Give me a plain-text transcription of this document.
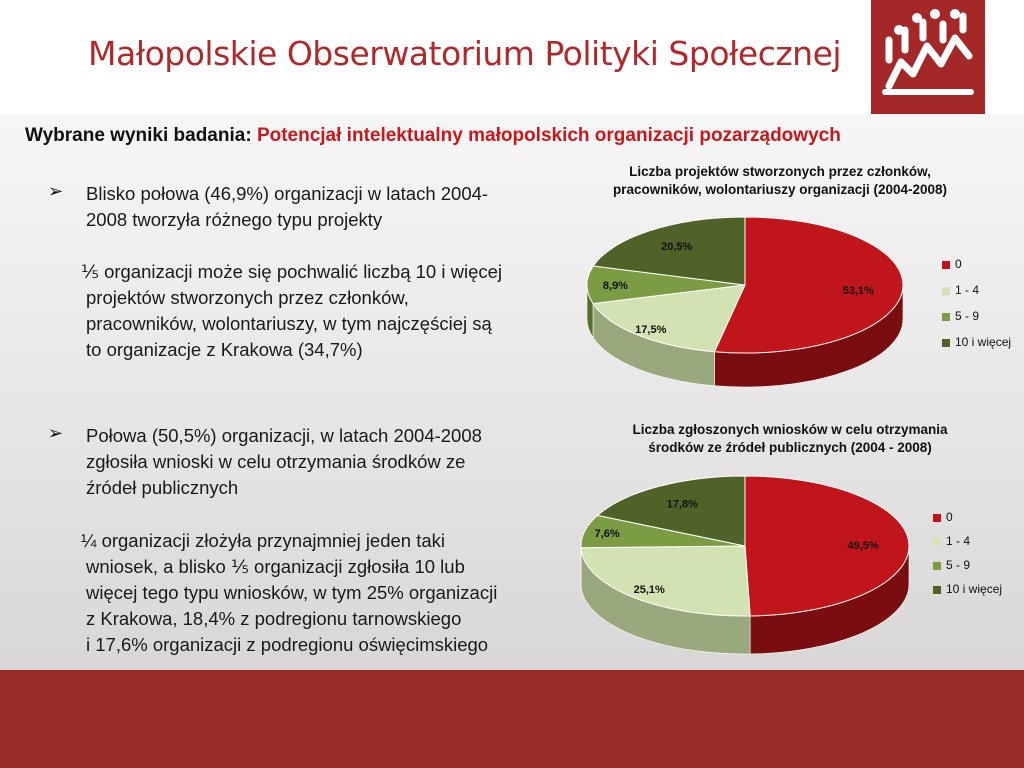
Małopolskie Obserwatorium Polityki Społecznej
Wybrane wyniki badania: Potencjał intelektualny małopolskich organizacji pozarządowych
➢ Blisko połowa (46,9%) organizacji w latach 2004-
2008 tworzyła różnego typu projekty
⅕ organizacji może się pochwalić liczbą 10 i więcej
projektów stworzonych przez członków,
pracowników, wolontariuszy, w tym najczęściej są
to organizacje z Krakowa (34,7%)
➢ Połowa (50,5%) organizacji, w latach 2004-2008
zgłosiła wnioski w celu otrzymania środków ze
źródeł publicznych
¼ organizacji złożyła przynajmniej jeden taki
wniosek, a blisko ⅕ organizacji zgłosiła 10 lub
więcej tego typu wniosków, w tym 25% organizacji
z Krakowa, 18,4% z podregionu tarnowskiego
i 17,6% organizacji z podregionu oświęcimskiego
Liczba projektów stworzonych przez członków,
pracowników, wolontariuszy organizacji (2004-2008)
53,1%
17,5%
8,9%
20,5%
0
1 - 4
5 - 9
10 i więcej
Liczba zgłoszonych wniosków w celu otrzymania
środków ze źródeł publicznych (2004 - 2008)
49,5%
25,1%
7,6%
17,8%
0
1 - 4
5 - 9
10 i więcej
